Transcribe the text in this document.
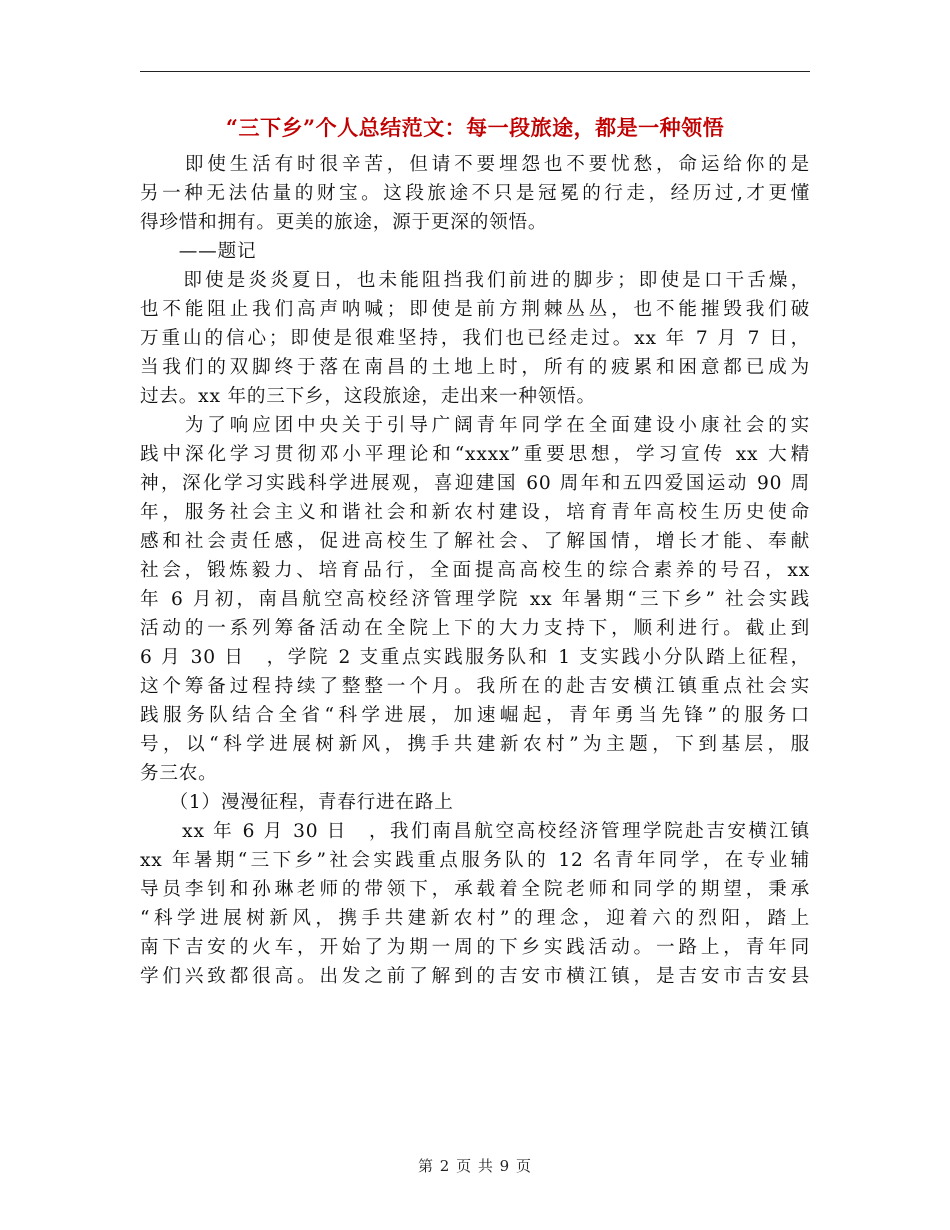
“三下乡”个人总结范文：每一段旅途，都是一种领悟
　　即使生活有时很辛苦，但请不要埋怨也不要忧愁，命运给你的是
另一种无法估量的财宝。这段旅途不只是冠冕的行走，经历过,才更懂
得珍惜和拥有。更美的旅途，源于更深的领悟。
　　——题记
　　即使是炎炎夏日，也未能阻挡我们前进的脚步；即使是口干舌燥，
也不能阻止我们高声呐喊；即使是前方荆棘丛丛，也不能摧毁我们破
万重山的信心；即使是很难坚持，我们也已经走过。xx 年 7 月 7 日，
当我们的双脚终于落在南昌的土地上时，所有的疲累和困意都已成为
过去。xx 年的三下乡，这段旅途，走出来一种领悟。
　　为了响应团中央关于引导广阔青年同学在全面建设小康社会的实
践中深化学习贯彻邓小平理论和“xxxx”重要思想，学习宣传 xx 大精
神，深化学习实践科学进展观，喜迎建国 60 周年和五四爱国运动 90 周
年，服务社会主义和谐社会和新农村建设，培育青年高校生历史使命
感和社会责任感，促进高校生了解社会、了解国情，增长才能、奉献
社会，锻炼毅力、培育品行，全面提高高校生的综合素养的号召，xx
年 6 月初，南昌航空高校经济管理学院 xx 年暑期“三下乡” 社会实践
活动的一系列筹备活动在全院上下的大力支持下，顺利进行。截止到
6 月 30 日　，学院 2 支重点实践服务队和 1 支实践小分队踏上征程，
这个筹备过程持续了整整一个月。我所在的赴吉安横江镇重点社会实
践服务队结合全省“科学进展，加速崛起，青年勇当先锋”的服务口
号，以“科学进展树新风，携手共建新农村”为主题，下到基层，服
务三农。
　　（1）漫漫征程，青春行进在路上
　　xx 年 6 月 30 日　，我们南昌航空高校经济管理学院赴吉安横江镇
xx 年暑期“三下乡”社会实践重点服务队的 12 名青年同学，在专业辅
导员李钊和孙琳老师的带领下，承载着全院老师和同学的期望，秉承
“科学进展树新风，携手共建新农村”的理念，迎着六的烈阳，踏上
南下吉安的火车，开始了为期一周的下乡实践活动。一路上，青年同
学们兴致都很高。出发之前了解到的吉安市横江镇，是吉安市吉安县
第 2 页 共 9 页
